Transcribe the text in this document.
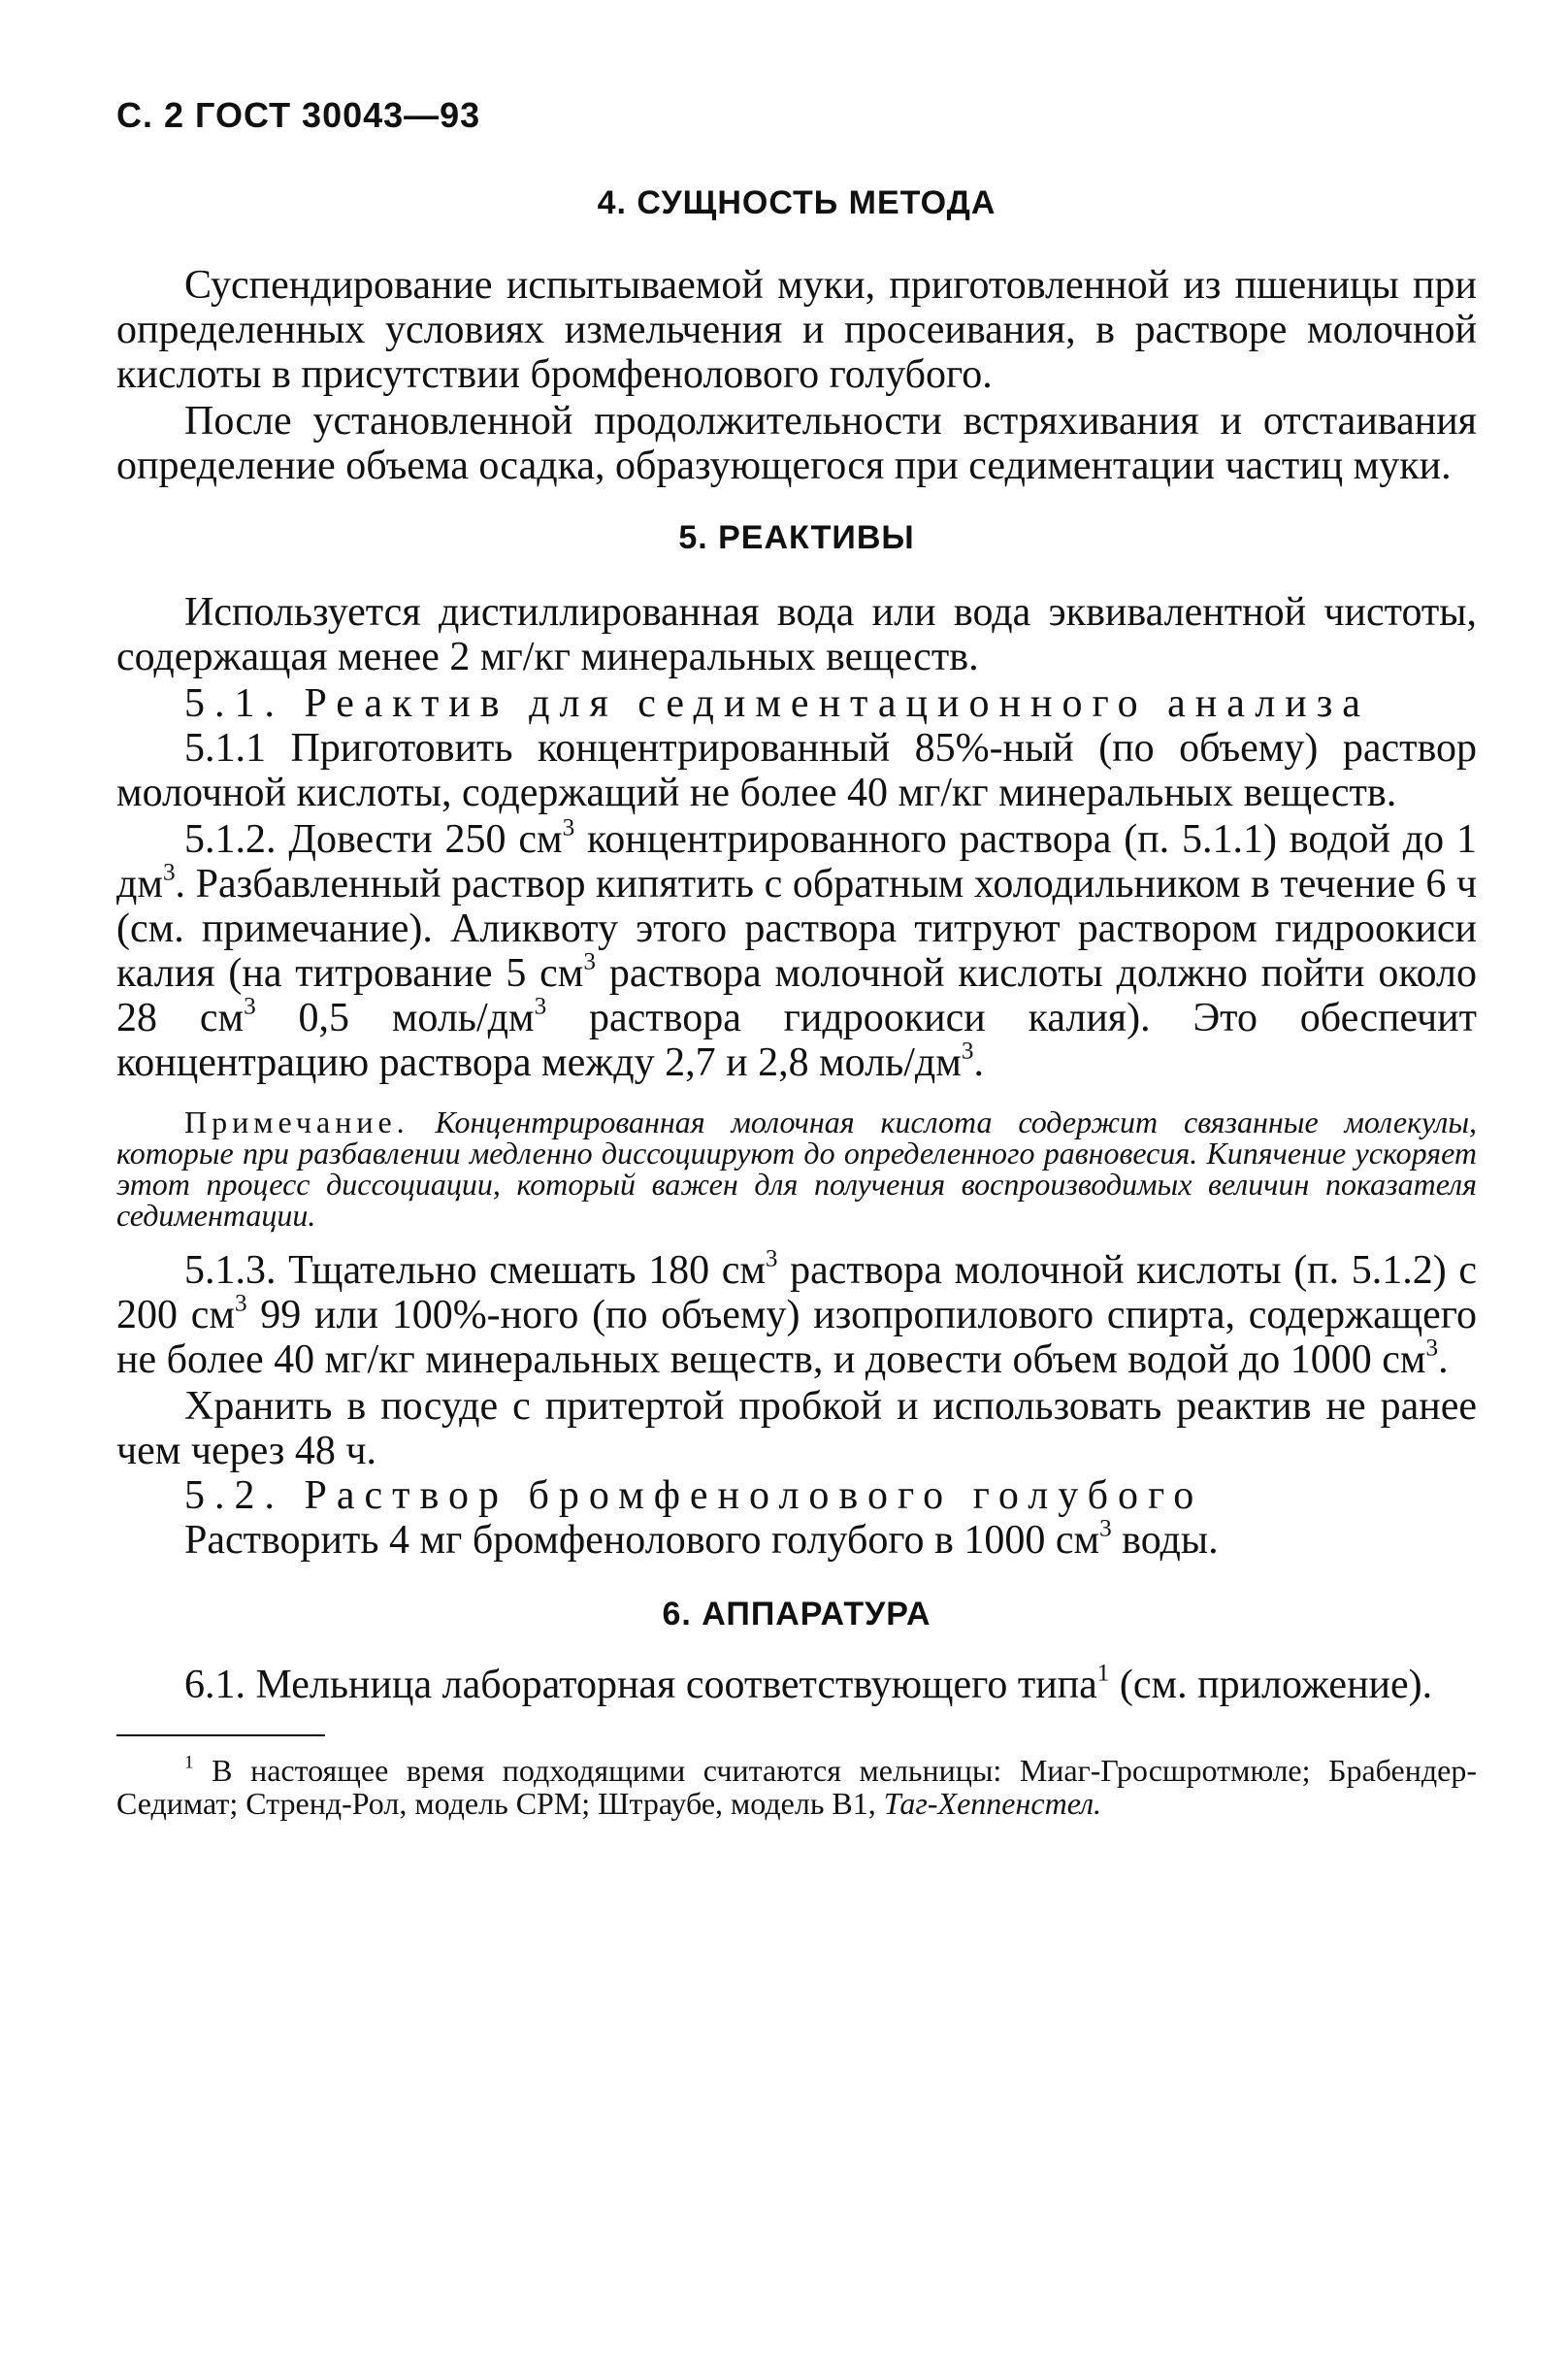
С. 2 ГОСТ 30043—93
4. СУЩНОСТЬ МЕТОДА

Суспендирование испытываемой муки, приготовленной из пшеницы при определенных условиях измельчения и просеивания, в растворе молочной кислоты в присутствии бромфенолового голубого.

После установленной продолжительности встряхивания и отстаивания определение объема осадка, образующегося при седиментации частиц муки.

5. РЕАКТИВЫ

Используется дистиллированная вода или вода эквивалентной чистоты, содержащая менее 2 мг/кг минеральных веществ.

5.1. Реактив для седиментационного анализа

5.1.1 Приготовить концентрированный 85%-ный (по объему) раствор молочной кислоты, содержащий не более 40 мг/кг минеральных веществ.

5.1.2. Довести 250 $см^3$ концентрированного раствора (п. 5.1.1) водой до 1 $дм^3$. Разбавленный раствор кипятить с обратным холодильником в течение 6 ч (см. примечание). Аликвоту этого раствора титруют раствором гидроокиси калия (на титрование 5 $см^3$ раствора молочной кислоты должно пойти около 28 $см^3$ 0,5 моль/$дм^3$ раствора гидроокиси калия). Это обеспечит концентрацию раствора между 2,7 и 2,8 моль/$дм^3$.

Примечание. Концентрированная молочная кислота содержит связанные молекулы, которые при разбавлении медленно диссоциируют до определенного равновесия. Кипячение ускоряет этот процесс диссоциации, который важен для получения воспроизводимых величин показателя седиментации.

5.1.3. Тщательно смешать 180 $см^3$ раствора молочной кислоты (п. 5.1.2) с 200 $см^3$ 99 или 100%-ного (по объему) изопропилового спирта, содержащего не более 40 мг/кг минеральных веществ, и довести объем водой до 1000 $см^3$.

Хранить в посуде с притертой пробкой и использовать реактив не ранее чем через 48 ч.

5.2. Раствор бромфенолового голубого

Растворить 4 мг бромфенолового голубого в 1000 $см^3$ воды.

6. АППАРАТУРА

6.1. Мельница лабораторная соответствующего типа$^1$ (см. приложение).

$^1$ В настоящее время подходящими считаются мельницы: Миаг-Гросшротмюле; Брабендер-Седимат; Стренд-Рол, модель СРМ; Штраубе, модель В1, Таг-Хеппенстел.
